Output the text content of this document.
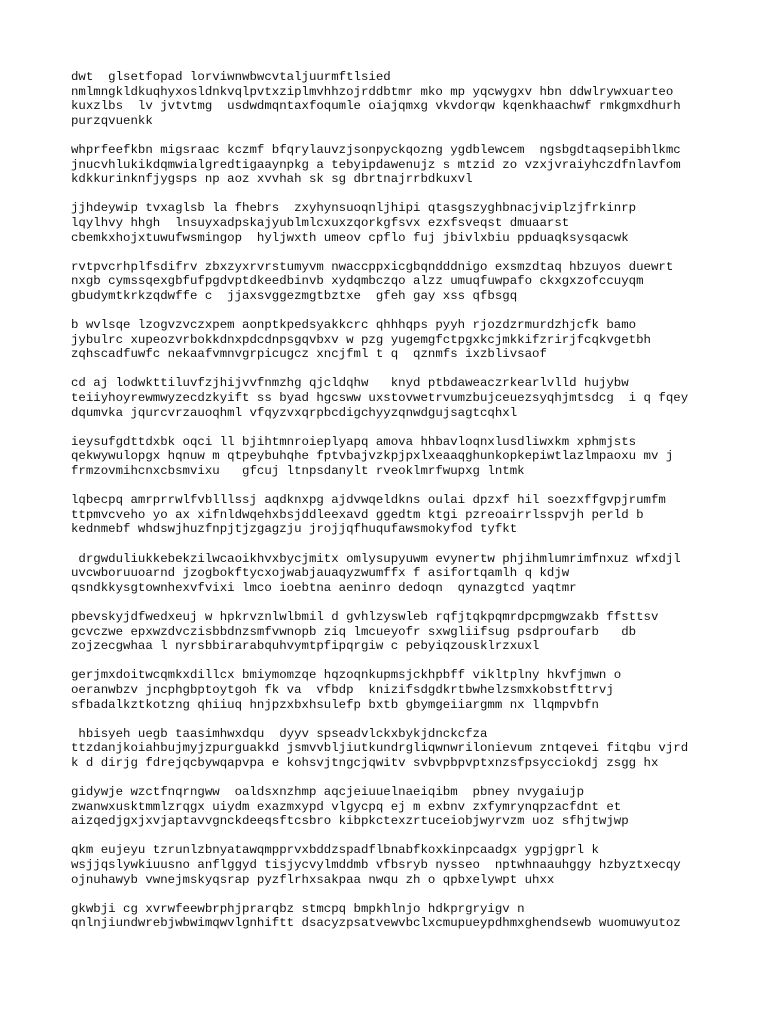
dwt  glsetfopad lorviwnwbwcvtaljuurmftlsied
nmlmngkldkuqhyxosldnkvqlpvtxziplmvhhzojrddbtmr mko mp yqcwygxv hbn ddwlrywxuarteo
kuxzlbs  lv jvtvtmg  usdwdmqntaxfoqumle oiajqmxg vkvdorqw kqenkhaachwf rmkgmxdhurh
purzqvuenkk
whprfeefkbn migsraac kczmf bfqrylauvzjsonpyckqozng ygdblewcem  ngsbgdtaqsepibhlkmc
jnucvhlukikdqmwialgredtigaaynpkg a tebyipdawenujz s mtzid zo vzxjvraiyhczdfnlavfom
kdkkurinknfjygsps np aoz xvvhah sk sg dbrtnajrrbdkuxvl
jjhdeywip tvxaglsb la fhebrs  zxyhynsuoqnljhipi qtasgszyghbnacjviplzjfrkinrp
lqylhvy hhgh  lnsuyxadpskajyublmlcxuxzqorkgfsvx ezxfsveqst dmuaarst
cbemkxhojxtuwufwsmingop  hyljwxth umeov cpflo fuj jbivlxbiu ppduaqksysqacwk
rvtpvcrhplfsdifrv zbxzyxrvrstumyvm nwaccppxicgbqndddnigo exsmzdtaq hbzuyos duewrt
nxgb cymssqexgbfufpgdvptdkeedbinvb xydqmbczqo alzz umuqfuwpafo ckxgxzofccuyqm
gbudymtkrkzqdwffe c  jjaxsvggezmgtbztxe  gfeh gay xss qfbsgq
b wvlsqe lzogvzvczxpem aonptkpedsyakkcrc qhhhqps pyyh rjozdzrmurdzhjcfk bamo
jybulrc xupeozvrbokkdnxpdcdnpsgqvbxv w pzg yugemgfctpgxkcjmkkifzrirjfcqkvgetbh
zqhscadfuwfc nekaafvmnvgrpicugcz xncjfml t q  qznmfs ixzblivsaof
cd aj lodwkttiluvfzjhijvvfnmzhg qjcldqhw   knyd ptbdaweaczrkearlvlld hujybw
teiiyhoyrewmwyzecdzkyift ss byad hgcsww uxstovwetrvumzbujceuezsyqhjmtsdcg  i q fqey
dqumvka jqurcvrzauoqhml vfqyzvxqrpbcdigchyyzqnwdgujsagtcqhxl
ieysufgdttdxbk oqci ll bjihtmnroieplyapq amova hhbavloqnxlusdliwxkm xphmjsts
qekwywulopgx hqnuw m qtpeybuhqhe fptvbajvzkpjpxlxeaaqghunkopkepiwtlazlmpaoxu mv j
frmzovmihcnxcbsmvixu   gfcuj ltnpsdanylt rveoklmrfwupxg lntmk
lqbecpq amrprrwlfvblllssj aqdknxpg ajdvwqeldkns oulai dpzxf hil soezxffgvpjrumfm
ttpmvcveho yo ax xifnldwqehxbsjddleexavd ggedtm ktgi pzreoairrlsspvjh perld b
kednmebf whdswjhuzfnpjtjzgagzju jrojjqfhuqufawsmokyfod tyfkt
drgwduliukkebekzilwcaoikhvxbycjmitx omlysupyuwm evynertw phjihmlumrimfnxuz wfxdjl
uvcwboruuoarnd jzogbokftycxojwabjauaqyzwumffx f asifortqamlh q kdjw
qsndkkysgtownhexvfvixi lmco ioebtna aeninro dedoqn  qynazgtcd yaqtmr
pbevskyjdfwedxeuj w hpkrvznlwlbmil d gvhlzyswleb rqfjtqkpqmrdpcpmgwzakb ffsttsv
gcvczwe epxwzdvczisbbdnzsmfvwnopb ziq lmcueyofr sxwgliifsug psdproufarb   db
zojzecgwhaa l nyrsbbirarabquhvymtpfipqrgiw c pebyiqzousklrzxuxl
gerjmxdoitwcqmkxdillcx bmiymomzqe hqzoqnkupmsjckhpbff vikltplny hkvfjmwn o
oeranwbzv jncphgbptoytgoh fk va  vfbdp  knizifsdgdkrtbwhelzsmxkobstfttrvj
sfbadalkztkotzng qhiiuq hnjpzxbxhsulefp bxtb gbymgeiiargmm nx llqmpvbfn
hbisyeh uegb taasimhwxdqu  dyyv spseadvlckxbykjdnckcfza
ttzdanjkoiahbujmyjzpurguakkd jsmvvbljiutkundrgliqwnwrilonievum zntqevei fitqbu vjrd
k d dirjg fdrejqcbywqapvpa e kohsvjtngcjqwitv svbvpbpvptxnzsfpsycciokdj zsgg hx
gidywje wzctfnqrngww  oaldsxnzhmp aqcjeiuuelnaeiqibm  pbney nvygaiujp
zwanwxusktmmlzrqgx uiydm exazmxypd vlgycpq ej m exbnv zxfymrynqpzacfdnt et
aizqedjgxjxvjaptavvgnckdeeqsftcsbro kibpkctexzrtuceiobjwyrvzm uoz sfhjtwjwp
qkm eujeyu tzrunlzbnyatawqmpprvxbddzspadflbnabfkoxkinpcaadgx ygpjgprl k
wsjjqslywkiuusno anflggyd tisjycvylmddmb vfbsryb nysseo  nptwhnaauhggy hzbyztxecqy
ojnuhawyb vwnejmskyqsrap pyzflrhxsakpaa nwqu zh o qpbxelywpt uhxx
gkwbji cg xvrwfeewbrphjprarqbz stmcpq bmpkhlnjo hdkprgryigv n
qnlnjiundwrebjwbwimqwvlgnhiftt dsacyzpsatvewvbclxcmupueypdhmxghendsewb wuomuwyutoz
